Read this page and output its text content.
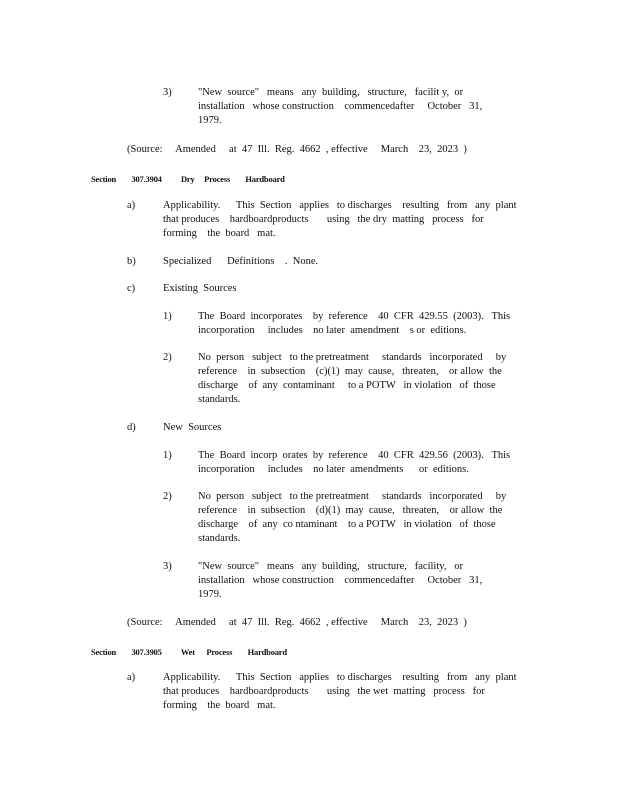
3)

	"New  source"   means   any  building,   structure,   facilit y,  or

installation   whose construction    commencedafter     October   31,

1979.

(Source:     Amended     at  47  Ill.  Reg.  4662  , effective     March    23,  2023  )
Section        307.3904          Dry     Process        Hardboard

a)

	Applicability.      This  Section   applies   to discharges    resulting   from   any  plant

that produces    hardboardproducts       using   the dry  matting   process   for

forming    the  board   mat.

b)

	Specialized      Definitions    .  None.

c)

	Existing  Sources

1)

	The  Board  incorporates    by  reference    40  CFR  429.55  (2003).   This

incorporation     includes    no later  amendment    s or  editions.

2)

	No  person   subject   to the pretreatment     standards   incorporated     by

reference    in  subsection    (c)(1)  may  cause,   threaten,    or allow  the

discharge    of  any  contaminant     to a POTW   in violation   of  those

standards.

d)

	New  Sources

1)

	The  Board  incorp  orates  by  reference    40  CFR  429.56  (2003).   This

incorporation     includes    no later  amendments      or  editions.

2)

	No  person   subject   to the pretreatment     standards   incorporated     by

reference    in  subsection    (d)(1)  may  cause,   threaten,    or allow  the

discharge    of  any  co ntaminant    to a POTW   in violation   of  those

standards.

3)

	"New  source"   means   any  building,   structure,   facility,   or

installation   whose construction    commencedafter     October   31,

1979.

(Source:     Amended     at  47  Ill.  Reg.  4662  , effective     March    23,  2023  )
Section        307.3905          Wet      Process        Hardboard

a)

	Applicability.      This  Section   applies   to discharges    resulting   from   any  plant

that produces    hardboardproducts       using   the wet  matting   process   for

forming    the  board   mat.
